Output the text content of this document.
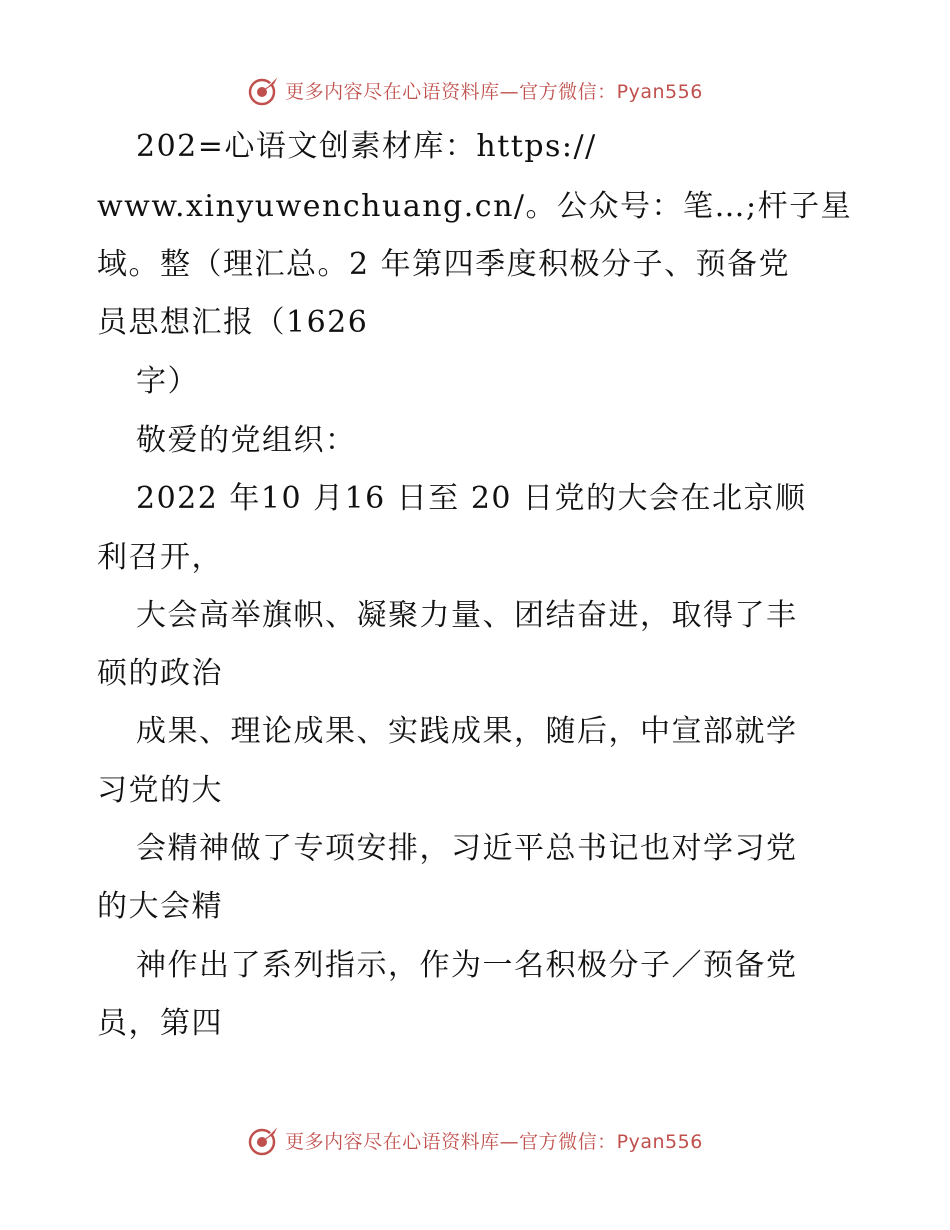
更多内容尽在心语资料库—官方微信：Pyan556
202=心语文创素材库：https://
www.xinyuwenchuang.cn/。公众号：笔…;杆子星
域。整（理汇总。2 年第四季度积极分子、预备党
员思想汇报（1626
字）
敬爱的党组织：
2022 年10 月16 日至 20 日党的大会在北京顺
利召开，
大会高举旗帜、凝聚力量、团结奋进，取得了丰
硕的政治
成果、理论成果、实践成果，随后，中宣部就学
习党的大
会精神做了专项安排，习近平总书记也对学习党
的大会精
神作出了系列指示，作为一名积极分子／预备党
员，第四
更多内容尽在心语资料库—官方微信：Pyan556
